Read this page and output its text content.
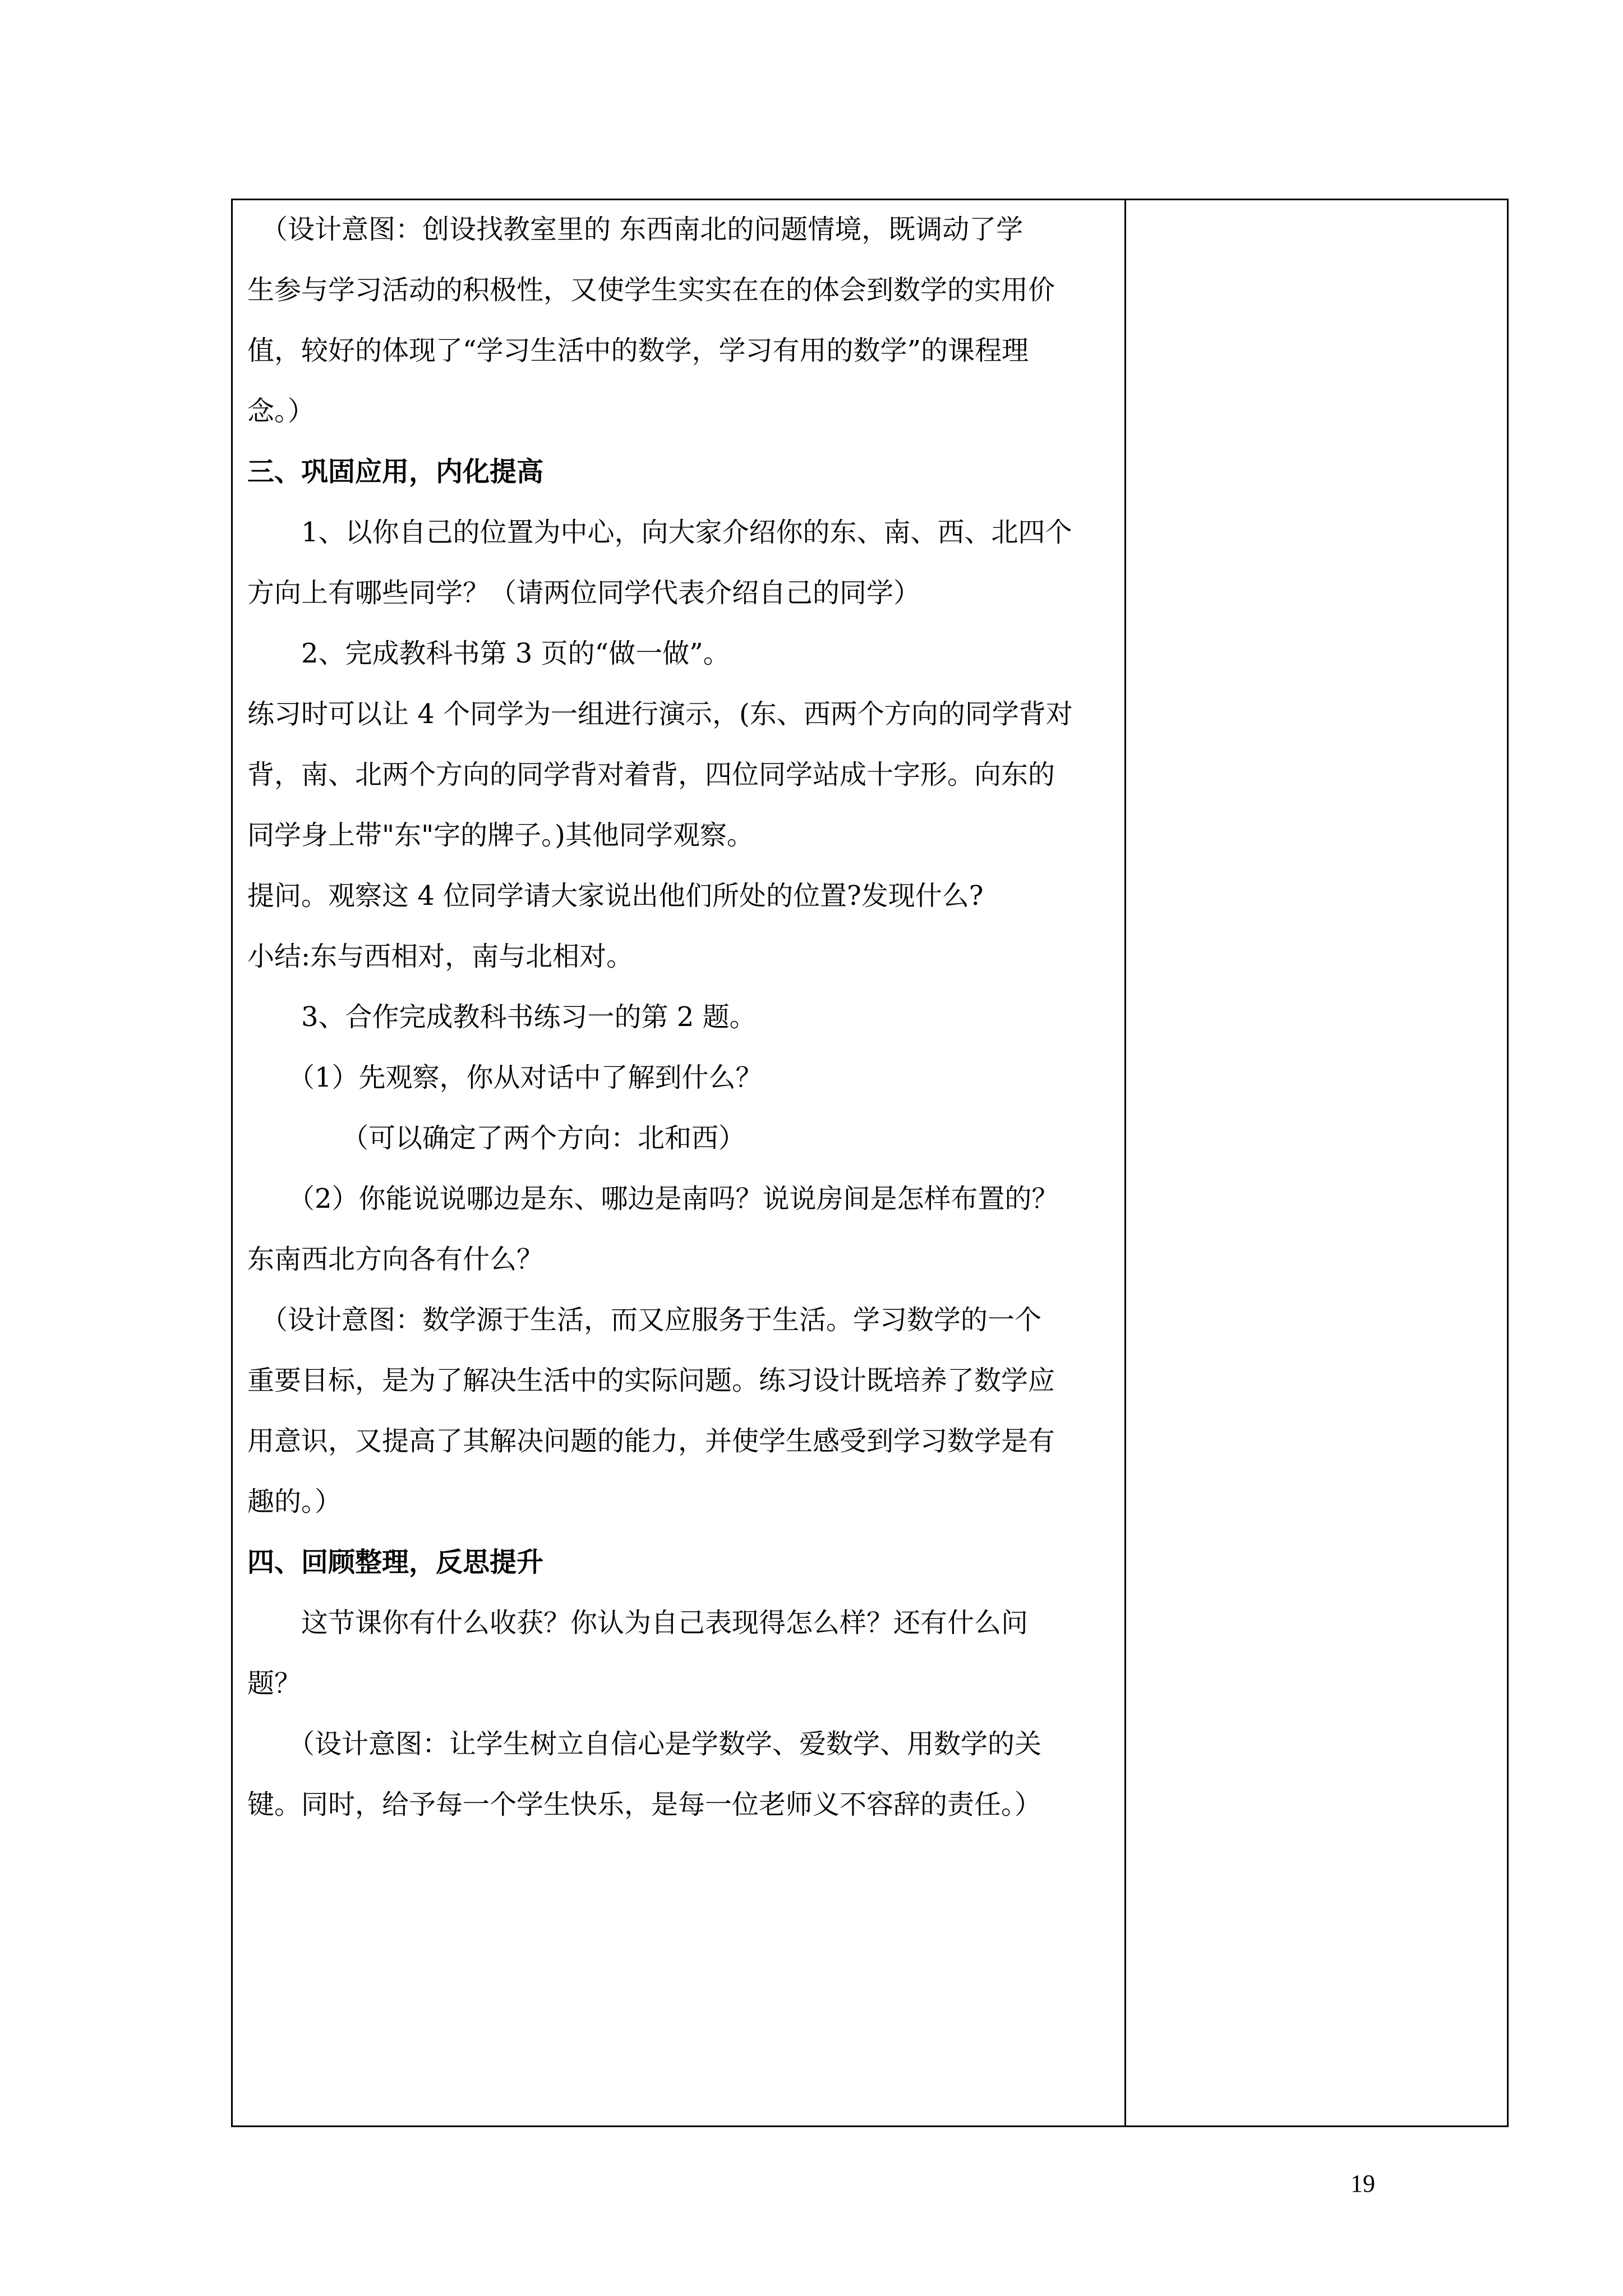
　（设计意图：创设找教室里的 东西南北的问题情境，既调动了学
生参与学习活动的积极性，又使学生实实在在的体会到数学的实用价
值，较好的体现了“学习生活中的数学，学习有用的数学”的课程理
念。）
三、巩固应用，内化提高
　　1、以你自己的位置为中心，向大家介绍你的东、南、西、北四个
方向上有哪些同学？（请两位同学代表介绍自己的同学）
　　2、完成教科书第 3 页的“做一做”。
练习时可以让 4 个同学为一组进行演示，(东、西两个方向的同学背对
背，南、北两个方向的同学背对着背，四位同学站成十字形。向东的
同学身上带"东"字的牌子。)其他同学观察。
提问。观察这 4 位同学请大家说出他们所处的位置?发现什么?
小结:东与西相对，南与北相对。
　　3、合作完成教科书练习一的第 2 题。
　　（1）先观察，你从对话中了解到什么？
　　　　（可以确定了两个方向：北和西）
　　（2）你能说说哪边是东、哪边是南吗？说说房间是怎样布置的？
东南西北方向各有什么？
　（设计意图：数学源于生活，而又应服务于生活。学习数学的一个
重要目标，是为了解决生活中的实际问题。练习设计既培养了数学应
用意识，又提高了其解决问题的能力，并使学生感受到学习数学是有
趣的。）
四、回顾整理，反思提升
　　这节课你有什么收获？你认为自己表现得怎么样？还有什么问
题？
　　（设计意图：让学生树立自信心是学数学、爱数学、用数学的关
键。同时，给予每一个学生快乐，是每一位老师义不容辞的责任。）
19
